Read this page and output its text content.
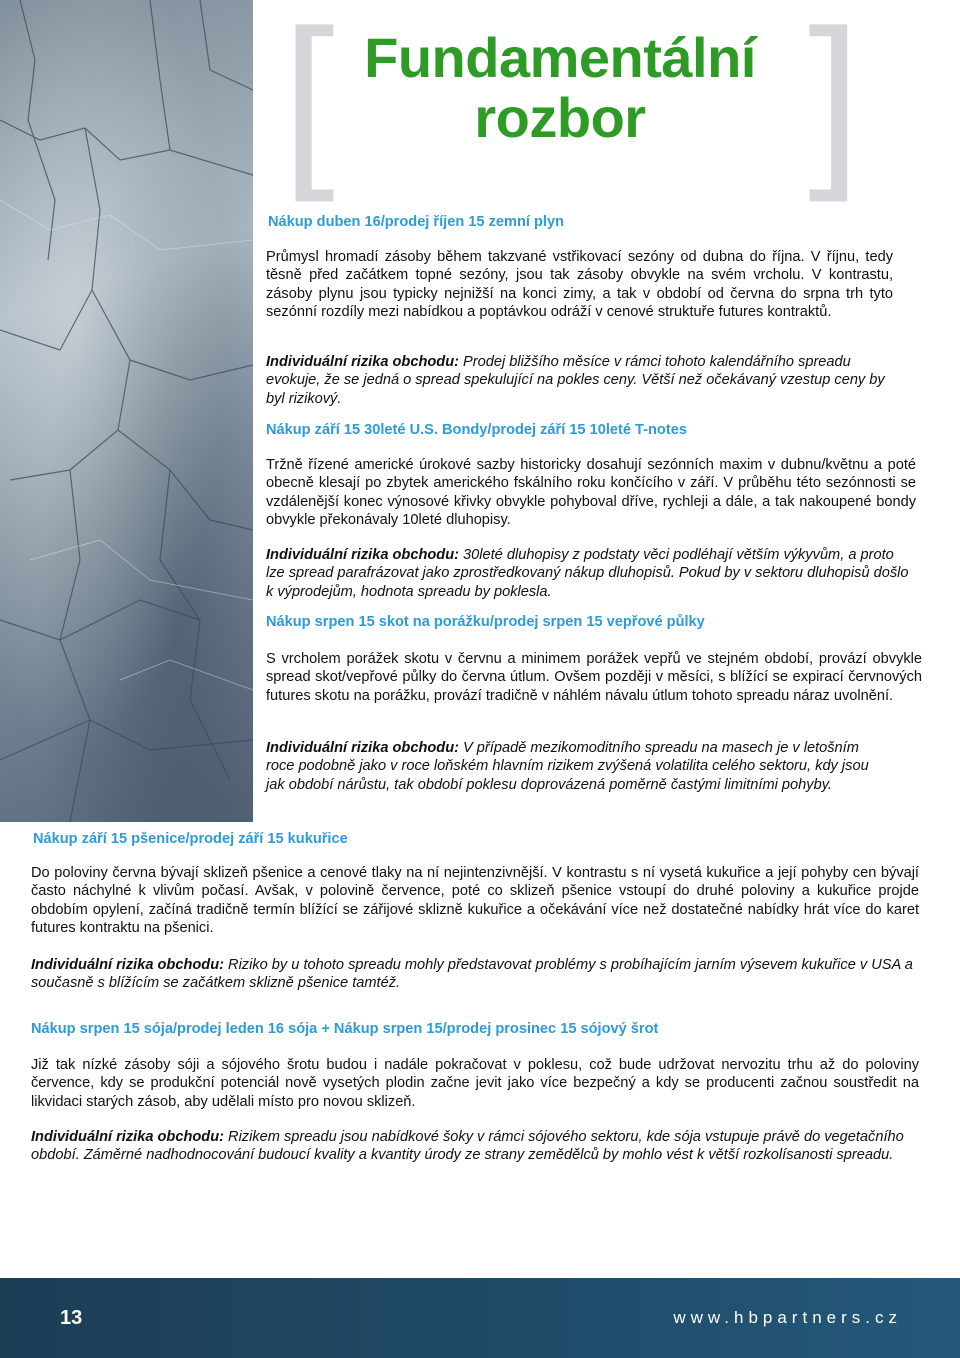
[ ]
Fundamentální
rozbor
Nákup duben 16/prodej říjen 15 zemní plyn
Průmysl hromadí zásoby během takzvané vstřikovací sezóny od dubna do října. V říjnu, tedy těsně před začátkem topné sezóny, jsou tak zásoby obvykle na svém vrcholu. V kontrastu, zásoby plynu jsou typicky nejnižší na konci zimy, a tak v období od června do srpna trh tyto sezónní rozdíly mezi nabídkou a poptávkou odráží v cenové struktuře futures kontraktů.
Individuální rizika obchodu: Prodej bližšího měsíce v rámci tohoto kalendářního spreadu evokuje, že se jedná o spread spekulující na pokles ceny. Větší než očekávaný vzestup ceny by byl rizikový.
Nákup září 15 30leté U.S. Bondy/prodej září 15 10leté T-notes
Tržně řízené americké úrokové sazby historicky dosahují sezónních maxim v dubnu/květnu a poté obecně klesají po zbytek amerického fskálního roku končícího v září. V průběhu této sezónnosti se vzdálenější konec výnosové křivky obvykle pohyboval dříve, rychleji a dále, a tak nakoupené bondy obvykle překonávaly 10leté dluhopisy.
Individuální rizika obchodu: 30leté dluhopisy z podstaty věci podléhají větším výkyvům, a proto lze spread parafrázovat jako zprostředkovaný nákup dluhopisů. Pokud by v sektoru dluhopisů došlo k výprodejům, hodnota spreadu by poklesla.
Nákup srpen 15 skot na porážku/prodej srpen 15 vepřové půlky
S vrcholem porážek skotu v červnu a minimem porážek vepřů ve stejném období, provází obvykle spread skot/vepřové půlky do června útlum. Ovšem později v měsíci, s blížící se expirací červnových futures skotu na porážku, provází tradičně v náhlém návalu útlum tohoto spreadu náraz uvolnění.
Individuální rizika obchodu: V případě mezikomoditního spreadu na masech je v letošním roce podobně jako v roce loňském hlavním rizikem zvýšená volatilita celého sektoru, kdy jsou jak období nárůstu, tak období poklesu doprovázená poměrně častými limitními pohyby.
Nákup září 15 pšenice/prodej září 15 kukuřice
Do poloviny června bývají sklizeň pšenice a cenové tlaky na ní nejintenzivnější. V kontrastu s ní vysetá kukuřice a její pohyby cen bývají často náchylné k vlivům počasí. Avšak, v polovině července, poté co sklizeň pšenice vstoupí do druhé poloviny a kukuřice projde obdobím opylení, začíná tradičně termín blížící se zářijové sklizně kukuřice a očekávání více než dostatečné nabídky hrát více do karet futures kontraktu na pšenici.
Individuální rizika obchodu: Riziko by u tohoto spreadu mohly představovat problémy s probíhajícím jarním výsevem kukuřice v USA a současně s blížícím se začátkem sklizně pšenice tamtéž.
Nákup srpen 15 sója/prodej leden 16 sója + Nákup srpen 15/prodej prosinec 15 sójový šrot
Již tak nízké zásoby sóji a sójového šrotu budou i nadále pokračovat v poklesu, což bude udržovat nervozitu trhu až do poloviny července, kdy se produkční potenciál nově vysetých plodin začne jevit jako více bezpečný a kdy se producenti začnou soustředit na likvidaci starých zásob, aby udělali místo pro novou sklizeň.
Individuální rizika obchodu: Rizikem spreadu jsou nabídkové šoky v rámci sójového sektoru, kde sója vstupuje právě do vegetačního období. Záměrné nadhodnocování budoucí kvality a kvantity úrody ze strany zemědělců by mohlo vést k větší rozkolísanosti spreadu.
13	www.hbpartners.cz
